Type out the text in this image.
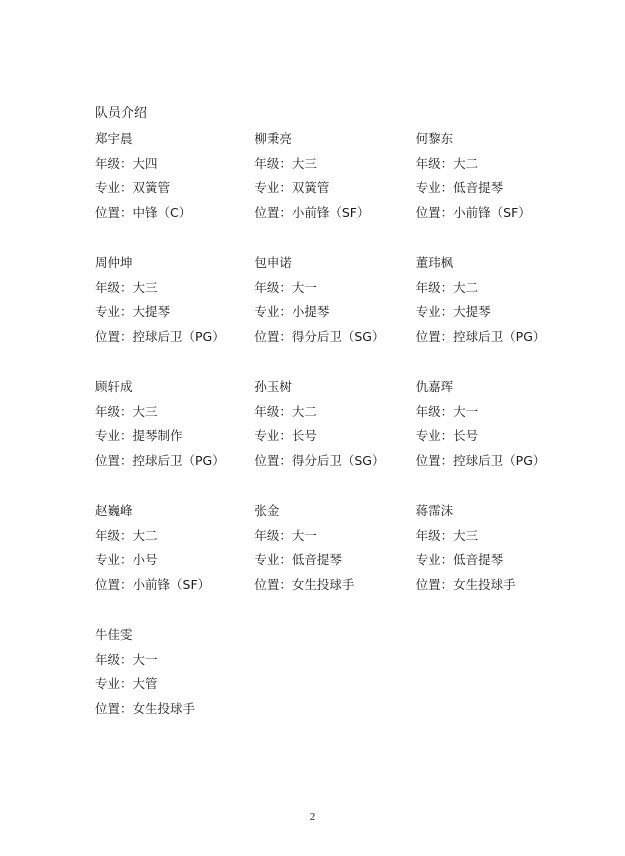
队员介绍
郑宇晨
年级：大四
专业：双簧管
位置：中锋（C）
柳秉亮
年级：大三
专业：双簧管
位置：小前锋（SF）
何黎东
年级：大二
专业：低音提琴
位置：小前锋（SF）
周仲坤
年级：大三
专业：大提琴
位置：控球后卫（PG）
包申诺
年级：大一
专业：小提琴
位置：得分后卫（SG）
董玮枫
年级：大二
专业：大提琴
位置：控球后卫（PG）
顾轩成
年级：大三
专业：提琴制作
位置：控球后卫（PG）
孙玉树
年级：大二
专业：长号
位置：得分后卫（SG）
仇嘉珲
年级：大一
专业：长号
位置：控球后卫（PG）
赵巍峰
年级：大二
专业：小号
位置：小前锋（SF）
张金
年级：大一
专业：低音提琴
位置：女生投球手
蒋霈沫
年级：大三
专业：低音提琴
位置：女生投球手
牛佳雯
年级：大一
专业：大管
位置：女生投球手
2
